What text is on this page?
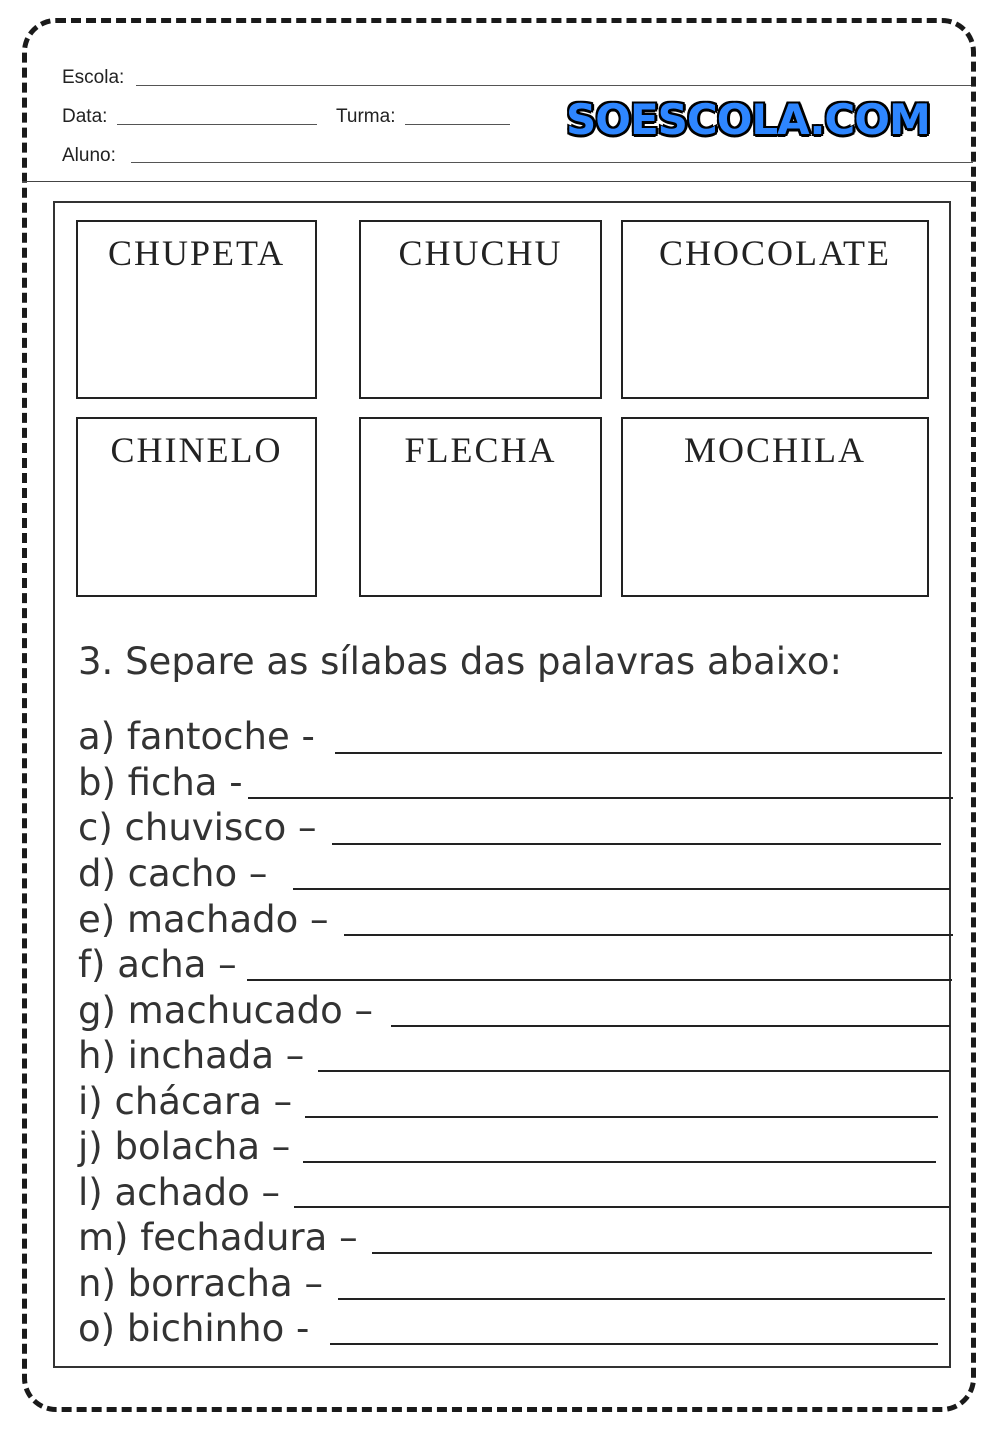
Escola:
Data:	Turma:
Aluno:
SOESCOLA.COM
CHUPETA	CHUCHU	CHOCOLATE
CHINELO	FLECHA	MOCHILA
3. Separe as sílabas das palavras abaixo:
a) fantoche -
b) ficha -
c) chuvisco –
d) cacho –
e) machado –
f) acha –
g) machucado –
h) inchada –
i) chácara –
j) bolacha –
l) achado –
m) fechadura –
n) borracha –
o) bichinho -
